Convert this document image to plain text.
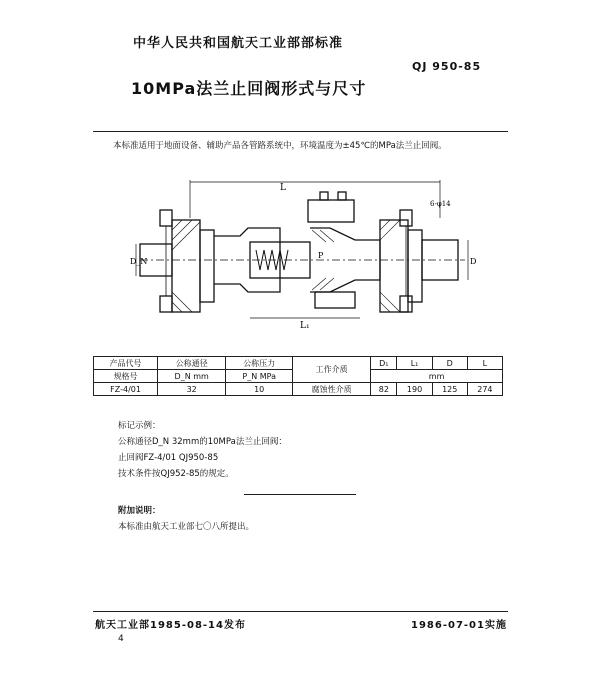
中华人民共和国航天工业部部标准
QJ 950-85
10MPa法兰止回阀形式与尺寸
本标准适用于地面设备、辅助产品各管路系统中，环境温度为±45℃的MPa法兰止回阀。
L
L₁
D_N
P
D
6-φ14
产品代号	公称通径	公称压力	工作介质	D₁	L₁	D	L
规格号	D_N mm	P_N MPa		mm			
FZ-4/01	32	10	腐蚀性介质	82	190	125	274
标记示例：
公称通径D_N 32mm的10MPa法兰止回阀：
止回阀FZ-4/01 QJ950-85
技术条件按QJ952-85的规定。
附加说明：
本标准由航天工业部七〇八所提出。
航天工业部1985-08-14发布	1986-07-01实施
4
